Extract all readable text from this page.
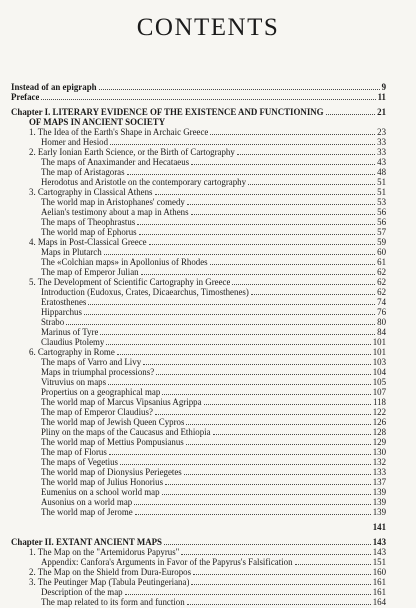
CONTENTS
Instead of an epigraph	9
Preface	11
Chapter I. LITERARY EVIDENCE OF THE EXISTENCE AND FUNCTIONING	21
OF MAPS IN ANCIENT SOCIETY
1. The Idea of the Earth's Shape in Archaic Greece	23
Homer and Hesiod	33
2. Early Ionian Earth Science, or the Birth of Cartography	33
The maps of Anaximander and Hecataeus	43
The map of Aristagoras	48
Herodotus and Aristotle on the contemporary cartography	51
3. Cartography in Classical Athens	51
The world map in Aristophanes' comedy	53
Aelian's testimony about a map in Athens	56
The maps of Theophrastus	56
The world map of Ephorus	57
4. Maps in Post-Classical Greece	59
Maps in Plutarch	60
The «Colchian maps» in Apollonius of Rhodes	61
The map of Emperor Julian	62
5. The Development of Scientific Cartography in Greece	62
Introduction (Eudoxus, Crates, Dicaearchus, Timosthenes)	62
Eratosthenes	74
Hipparchus	76
Strabo	80
Marinus of Tyre	84
Claudius Ptolemy	101
6. Cartography in Rome	101
The maps of Varro and Livy	103
Maps in triumphal processions?	104
Vitruvius on maps	105
Propertius on a geographical map	107
The world map of Marcus Vipsanius Agrippa	118
The map of Emperor Claudius?	122
The world map of Jewish Queen Cypros	126
Pliny on the maps of the Caucasus and Ethiopia	128
The world map of Mettius Pompusianus	129
The map of Florus	130
The maps of Vegetius	132
The world map of Dionysius Periegetes	133
The world map of Julius Honorius	137
Eumenius on a school world map	139
Ausonius on a world map	139
The world map of Jerome	139
141
Chapter II. EXTANT ANCIENT MAPS	143
1. The Map on the "Artemidorus Papyrus"	143
Appendix: Canfora's Arguments in Favor of the Papyrus's Falsification	151
2. The Map on the Shield from Dura-Europos	160
3. The Peutinger Map (Tabula Peutingeriana)	161
Description of the map	161
The map related to its form and function	164
